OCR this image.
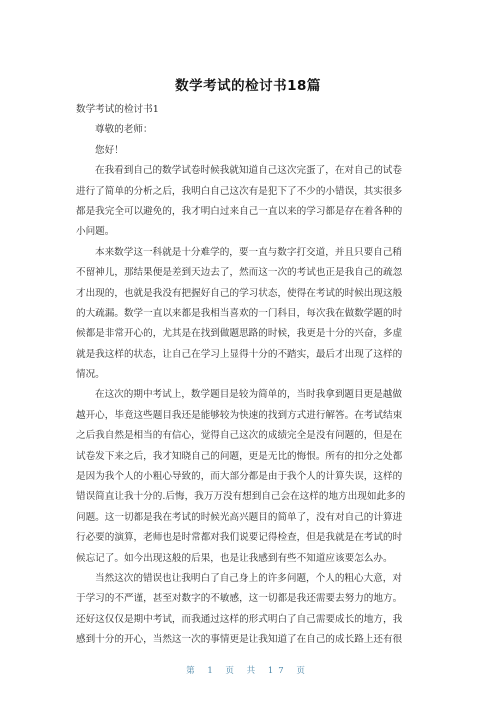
数学考试的检讨书18篇
数学考试的检讨书1
尊敬的老师：
您好！
在我看到自己的数学试卷时候我就知道自己这次完蛋了，在对自己的试卷
进行了简单的分析之后，我明白自己这次有是犯下了不少的小错误，其实很多
都是我完全可以避免的，我才明白过来自己一直以来的学习都是存在着各种的
小问题。
本来数学这一科就是十分难学的，要一直与数字打交道，并且只要自己稍
不留神儿，那结果便是差到天边去了，然而这一次的考试也正是我自己的疏忽
才出现的，也就是我没有把握好自己的学习状态，使得在考试的时候出现这般
的大疏漏。数学一直以来都是我相当喜欢的一门科目，每次我在做数学题的时
候都是非常开心的，尤其是在找到做题思路的时候，我更是十分的兴奋，多虚
就是我这样的状态，让自己在学习上显得十分的不踏实，最后才出现了这样的
情况。
在这次的期中考试上，数学题目是较为简单的，当时我拿到题目更是越做
越开心，毕竟这些题目我还是能够较为快速的找到方式进行解答。在考试结束
之后我自然是相当的有信心，觉得自己这次的成绩完全是没有问题的，但是在
试卷发下来之后，我才知晓自己的问题，更是无比的悔恨。所有的扣分之处都
是因为我个人的小粗心导致的，而大部分都是由于我个人的计算失误，这样的
错误简直让我十分的.后悔，我万万没有想到自己会在这样的地方出现如此多的
问题。这一切都是我在考试的时候光高兴题目的简单了，没有对自己的计算进
行必要的演算，老师也是时常都对我们说要记得检查，但是我就是在考试的时
候忘记了。如今出现这般的后果，也是让我感到有些不知道应该要怎么办。
当然这次的错误也让我明白了自己身上的许多问题，个人的粗心大意，对
于学习的不严谨，甚至对数字的不敏感，这一切都是我还需要去努力的地方。
还好这仅仅是期中考试，而我通过这样的形式明白了自己需要成长的地方，我
感到十分的开心，当然这一次的事情更是让我知道了在自己的成长路上还有很
第 1 页 共 17 页
